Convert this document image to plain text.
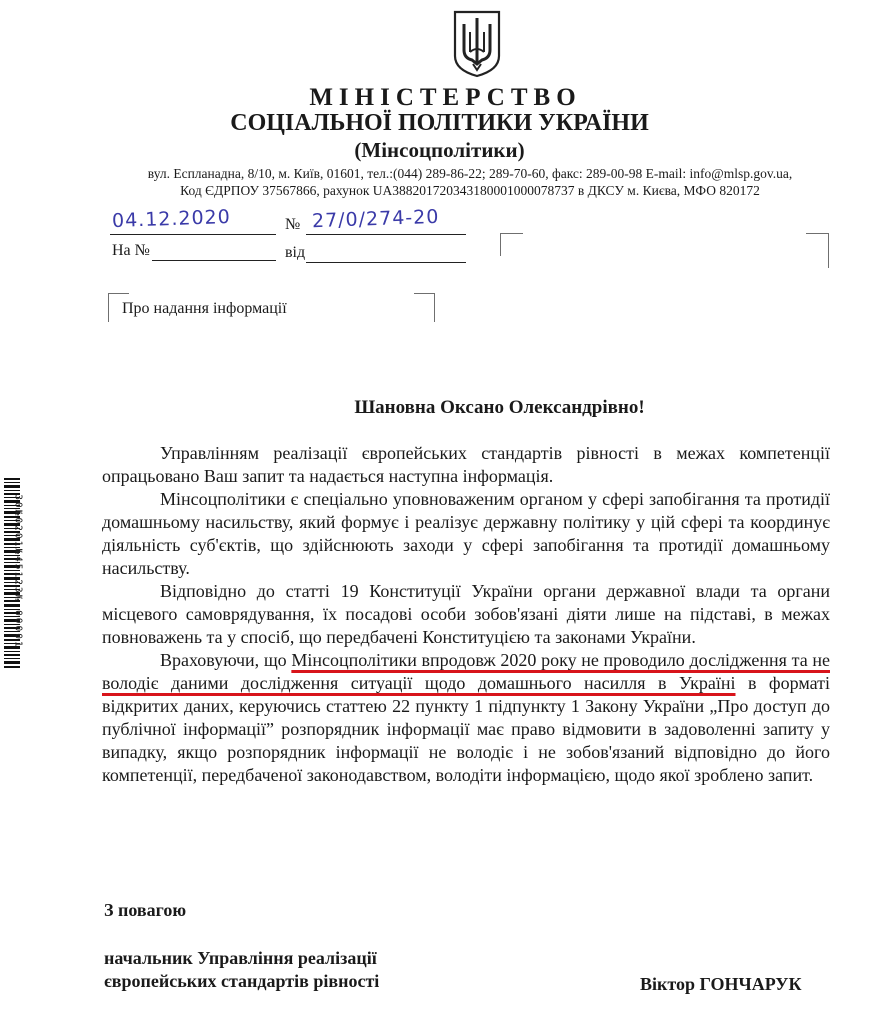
МІНІСТЕРСТВО
СОЦІАЛЬНОЇ ПОЛІТИКИ УКРАЇНИ
(Мінсоцполітики)
вул. Еспланадна, 8/10, м. Київ, 01601, тел.:(044) 289-86-22; 289-70-60, факс: 289-00-98 E-mail: info@mlsp.gov.ua,
Код ЄДРПОУ 37567866, рахунок UA388201720343180001000078737 в ДКСУ м. Києва, МФО 820172
04.12.2020	№ 27/0/274-20
На №	від
Про надання інформації
30№0201№45123№ 00001
Шановна Оксано Олександрівно!

Управлінням реалізації європейських стандартів рівності в межах компетенції опрацьовано Ваш запит та надається наступна інформація.

Мінсоцполітики є спеціально уповноваженим органом у сфері запобігання та протидії домашньому насильству, який формує і реалізує державну політику у цій сфері та координує діяльність суб'єктів, що здійснюють заходи у сфері запобігання та протидії домашньому насильству.

Відповідно до статті 19 Конституції України органи державної влади та органи місцевого самоврядування, їх посадові особи зобов'язані діяти лише на підставі, в межах повноважень та у спосіб, що передбачені Конституцією та законами України.

Враховуючи, що Мінсоцполітики впродовж 2020 року не проводило дослідження та не володіє даними дослідження ситуації щодо домашнього насилля в Україні в форматі відкритих даних, керуючись статтею 22 пункту 1 підпункту 1 Закону України „Про доступ до публічної інформації” розпорядник інформації має право відмовити в задоволенні запиту у випадку, якщо розпорядник інформації не володіє і не зобов'язаний відповідно до його компетенції, передбаченої законодавством, володіти інформацією, щодо якої зроблено запит.

З повагою
начальник Управління реалізації
європейських стандартів рівності	Віктор ГОНЧАРУК
